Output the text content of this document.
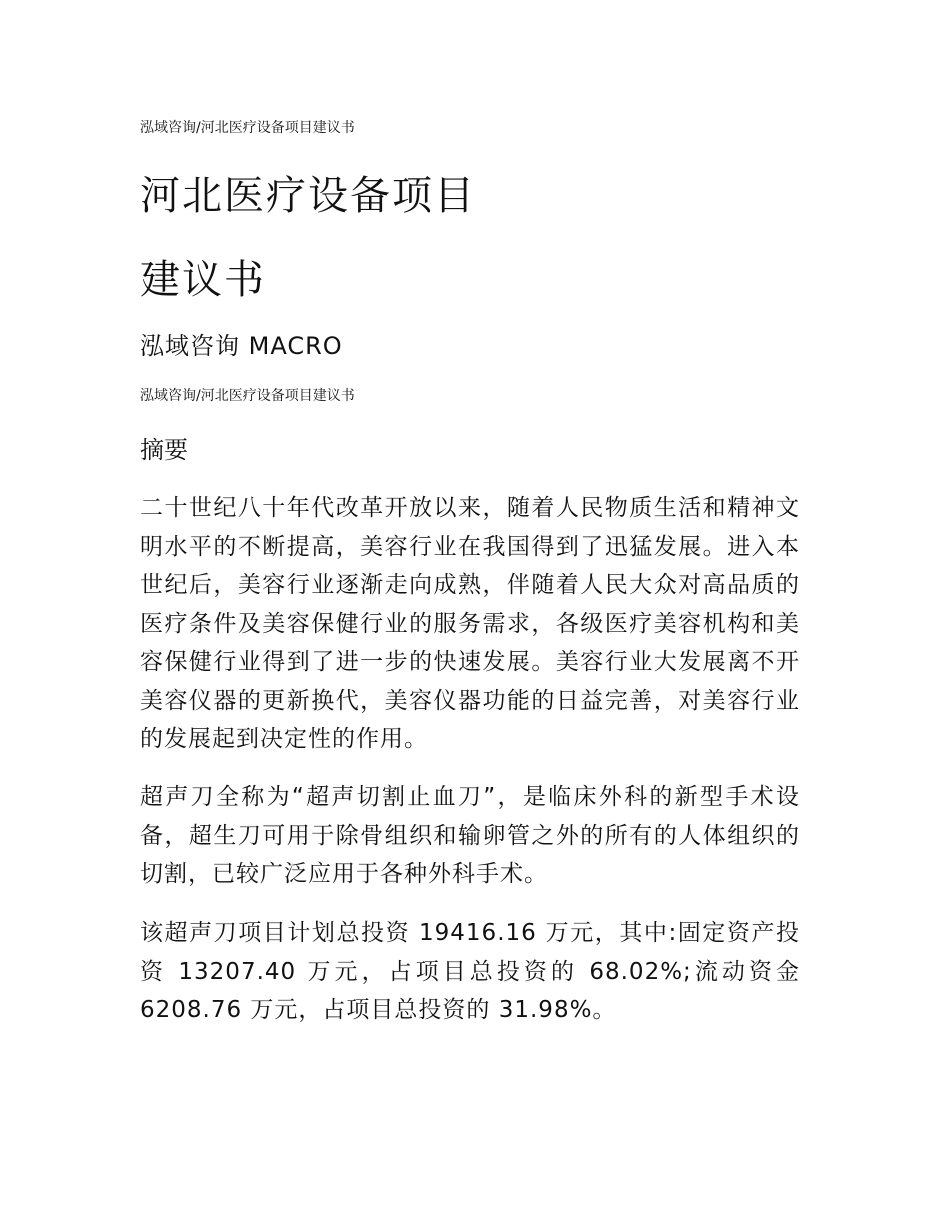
泓域咨询/河北医疗设备项目建议书
河北医疗设备项目
建议书
泓域咨询 MACRO
泓域咨询/河北医疗设备项目建议书
摘要

二十世纪八十年代改革开放以来，随着人民物质生活和精神文明水平的不断提高，美容行业在我国得到了迅猛发展。进入本世纪后，美容行业逐渐走向成熟，伴随着人民大众对高品质的医疗条件及美容保健行业的服务需求，各级医疗美容机构和美容保健行业得到了进一步的快速发展。美容行业大发展离不开美容仪器的更新换代，美容仪器功能的日益完善，对美容行业的发展起到决定性的作用。

超声刀全称为“超声切割止血刀”，是临床外科的新型手术设备，超生刀可用于除骨组织和输卵管之外的所有的人体组织的切割，已较广泛应用于各种外科手术。

该超声刀项目计划总投资 19416.16 万元，其中:固定资产投资 13207.40 万元，占项目总投资的 68.02%;流动资金 6208.76 万元，占项目总投资的 31.98%。
